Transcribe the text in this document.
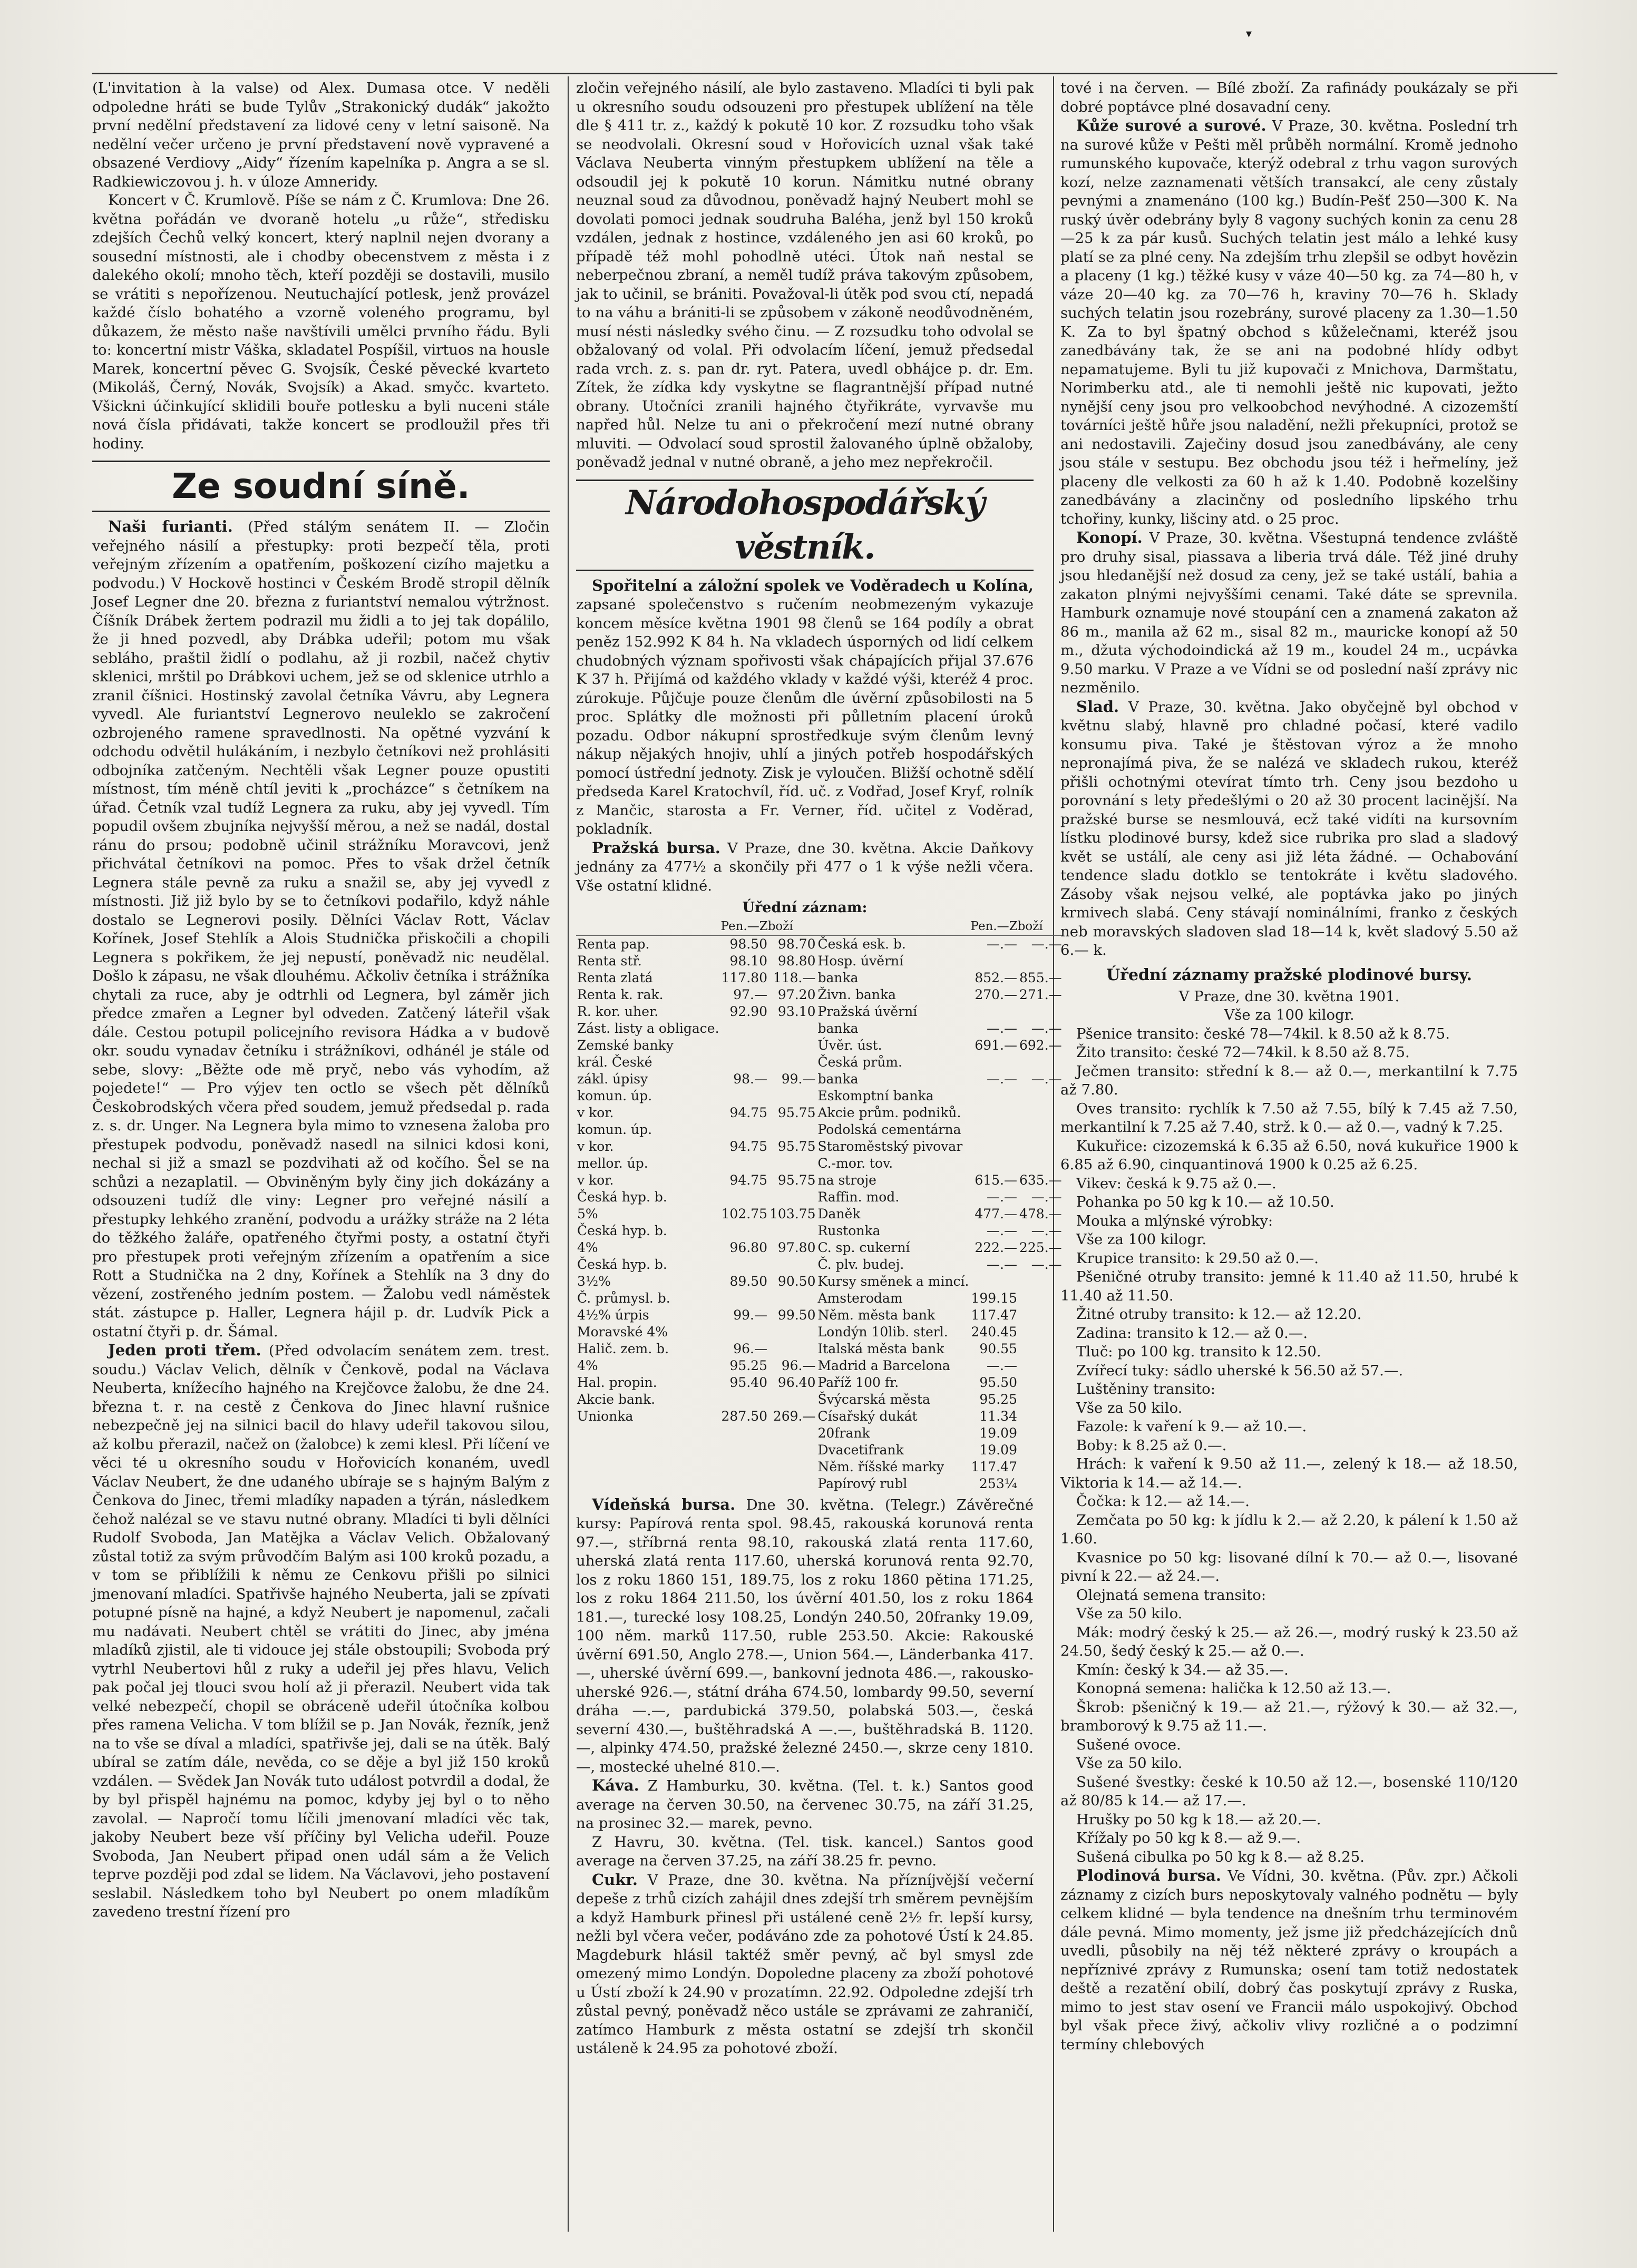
▾

(L'invitation à la valse) od Alex. Dumasa otce. V neděli odpoledne hráti se bude Tylův „Strakonický dudák“ jakožto první nedělní představení za lidové ceny v letní saisoně. Na nedělní večer určeno je první představení nově vypravené a obsazené Verdiovy „Aidy“ řízením kapelníka p. Angra a se sl. Radkiewiczovou j. h. v úloze Amneridy.

Koncert v Č. Krumlově. Píše se nám z Č. Krumlova: Dne 26. května pořádán ve dvoraně hotelu „u růže“, středisku zdejších Čechů velký koncert, který naplnil nejen dvorany a sousední místnosti, ale i chodby obecenstvem z města i z dalekého okolí; mnoho těch, kteří později se dostavili, musilo se vrátiti s nepořízenou. Neutuchající potlesk, jenž provázel každé číslo bohatého a vzorně voleného programu, byl důkazem, že město naše navštívili umělci prvního řádu. Byli to: koncertní mistr Váška, skladatel Pospíšil, virtuos na housle Marek, koncertní pěvec G. Svojsík, České pěvecké kvarteto (Mikoláš, Černý, Novák, Svojsík) a Akad. smyčc. kvarteto. Všickni účinkující sklidili bouře potlesku a byli nuceni stále nová čísla přidávati, takže koncert se prodloužil přes tři hodiny.

Ze soudní síně.

Naši furianti. (Před stálým senátem II. — Zločin veřejného násilí a přestupky: proti bezpečí těla, proti veřejným zřízením a opatřením, poškození cizího majetku a podvodu.) V Hockově hostinci v Českém Brodě stropil dělník Josef Legner dne 20. března z furiantství nemalou výtržnost. Číšník Drábek žertem podrazil mu židli a to jej tak dopálilo, že ji hned pozvedl, aby Drábka udeřil; potom mu však sebláho, praštil židlí o podlahu, až ji rozbil, načež chytiv sklenici, mrštil po Drábkovi uchem, jež se od sklenice utrhlo a zranil číšnici. Hostinský zavolal četníka Vávru, aby Legnera vyvedl. Ale furiantství Legnerovo neuleklo se zakročení ozbrojeného ramene spravedlnosti. Na opětné vyzvání k odchodu odvětil hulákáním, i nezbylo četníkovi než prohlásiti odbojníka zatčeným. Nechtěli však Legner pouze opustiti místnost, tím méně chtíl jeviti k „procházce“ s četníkem na úřad. Četník vzal tudíž Legnera za ruku, aby jej vyvedl. Tím popudil ovšem zbujníka nejvyšší měrou, a než se nadál, dostal ránu do prsou; podobně učinil strážníku Moravcovi, jenž přichvátal četníkovi na pomoc. Přes to však držel četník Legnera stále pevně za ruku a snažil se, aby jej vyvedl z místnosti. Již již bylo by se to četníkovi podařilo, když náhle dostalo se Legnerovi posily. Dělníci Václav Rott, Václav Kořínek, Josef Stehlík a Alois Studnička přiskočili a chopili Legnera s pokřikem, že jej nepustí, poněvadž nic neudělal. Došlo k zápasu, ne však dlouhému. Ačkoliv četníka i strážníka chytali za ruce, aby je odtrhli od Legnera, byl záměr jich předce zmařen a Legner byl odveden. Zatčený láteřil však dále. Cestou potupil policejního revisora Hádka a v budově okr. soudu vynadav četníku i strážníkovi, odhánél je stále od sebe, slovy: „Běžte ode mě pryč, nebo vás vyhodím, až pojedete!“ — Pro výjev ten octlo se všech pět dělníků Českobrodských včera před soudem, jemuž předsedal p. rada z. s. dr. Unger. Na Legnera byla mimo to vznesena žaloba pro přestupek podvodu, poněvadž nasedl na silnici kdosi koni, nechal si již a smazl se pozdvihati až od kočího. Šel se na schůzi a nezaplatil. — Obviněným byly činy jich dokázány a odsouzeni tudíž dle viny: Legner pro veřejné násilí a přestupky lehkého zranění, podvodu a urážky stráže na 2 léta do těžkého žaláře, opatřeného čtyřmi posty, a ostatní čtyři pro přestupek proti veřejným zřízením a opatřením a sice Rott a Studnička na 2 dny, Kořínek a Stehlík na 3 dny do vězení, zostřeného jedním postem. — Žalobu vedl náměstek stát. zástupce p. Haller, Legnera hájil p. dr. Ludvík Pick a ostatní čtyři p. dr. Šámal.

Jeden proti třem. (Před odvolacím senátem zem. trest. soudu.) Václav Velich, dělník v Čenkově, podal na Václava Neuberta, knížecího hajného na Krejčovce žalobu, že dne 24. března t. r. na cestě z Čenkova do Jinec hlavní rušnice nebezpečně jej na silnici bacil do hlavy udeřil takovou silou, až kolbu přerazil, načež on (žalobce) k zemi klesl. Při líčení ve věci té u okresního soudu v Hořovicích konaném, uvedl Václav Neubert, že dne udaného ubíraje se s hajným Balým z Čenkova do Jinec, třemi mladíky napaden a týrán, následkem čehož nalézal se ve stavu nutné obrany. Mladíci ti byli dělníci Rudolf Svoboda, Jan Matějka a Václav Velich. Obžalovaný zůstal totiž za svým průvodčím Balým asi 100 kroků pozadu, a v tom se přiblížili k němu ze Cenkovu přišli po silnici jmenovaní mladíci. Spatřivše hajného Neuberta, jali se zpívati potupné písně na hajné, a když Neubert je napomenul, začali mu nadávati. Neubert chtěl se vrátiti do Jinec, aby jména mladíků zjistil, ale ti vidouce jej stále obstoupili; Svoboda prý vytrhl Neubertovi hůl z ruky a udeřil jej přes hlavu, Velich pak počal jej tlouci svou holí až ji přerazil. Neubert vida tak velké nebezpečí, chopil se obráceně udeřil útočníka kolbou přes ramena Velicha. V tom blížil se p. Jan Novák, řezník, jenž na to vše se díval a mladíci, spatřivše jej, dali se na útěk. Balý ubíral se zatím dále, nevěda, co se děje a byl již 150 kroků vzdálen. — Svědek Jan Novák tuto událost potvrdil a dodal, že by byl přispěl hajnému na pomoc, kdyby jej byl o to něho zavolal. — Napročí tomu líčili jmenovaní mladíci věc tak, jakoby Neubert beze vší příčiny byl Velicha udeřil. Pouze Svoboda, Jan Neubert připad onen udál sám a že Velich teprve později pod zdal se lidem. Na Václavovi, jeho postavení seslabil. Následkem toho byl Neubert po onem mladíkům zavedeno trestní řízení pro

zločin veřejného násilí, ale bylo zastaveno. Mladíci ti byli pak u okresního soudu odsouzeni pro přestupek ublížení na těle dle § 411 tr. z., každý k pokutě 10 kor. Z rozsudku toho však se neodvolali. Okresní soud v Hořovicích uznal však také Václava Neuberta vinným přestupkem ublížení na těle a odsoudil jej k pokutě 10 korun. Námitku nutné obrany neuznal soud za důvodnou, poněvadž hajný Neubert mohl se dovolati pomoci jednak soudruha Baléha, jenž byl 150 kroků vzdálen, jednak z hostince, vzdáleného jen asi 60 kroků, po případě též mohl pohodlně utéci. Útok naň nestal se neberpečnou zbraní, a neměl tudíž práva takovým způsobem, jak to učinil, se brániti. Považoval-li útěk pod svou ctí, nepadá to na váhu a brániti-li se způsobem v zákoně neodůvodněném, musí nésti následky svého činu. — Z rozsudku toho odvolal se obžalovaný od volal. Při odvolacím líčení, jemuž předsedal rada vrch. z. s. pan dr. ryt. Patera, uvedl obhájce p. dr. Em. Zítek, že zídka kdy vyskytne se flagrantnější případ nutné obrany. Utočníci zranili hajného čtyřikráte, vyrvavše mu napřed hůl. Nelze tu ani o překročení mezí nutné obrany mluviti. — Odvolací soud sprostil žalovaného úplně obžaloby, poněvadž jednal v nutné obraně, a jeho mez nepřekročil.

Národohospodářský věstník.

Spořitelní a záložní spolek ve Voděradech u Kolína, zapsané společenstvo s ručením neobmezeným vykazuje koncem měsíce května 1901 98 členů se 164 podíly a obrat peněz 152.992 K 84 h. Na vkladech úsporných od lidí celkem chudobných význam spořivosti však chápajících přijal 37.676 K 37 h. Přijímá od každého vklady v každé výši, kteréž 4 proc. zúrokuje. Půjčuje pouze členům dle úvěrní způsobilosti na 5 proc. Splátky dle možnosti při půlletním placení úroků pozadu. Odbor nákupní sprostředkuje svým členům levný nákup nějakých hnojiv, uhlí a jiných potřeb hospodářských pomocí ústřední jednoty. Zisk je vyloučen. Bližší ochotně sdělí předseda Karel Kratochvíl, říd. uč. z Vodřad, Josef Kryf, rolník z Mančic, starosta a Fr. Verner, říd. učitel z Voděrad, pokladník.

Pražská bursa. V Praze, dne 30. května. Akcie Daňkovy jednány za 477½ a skončily při 477 o 1 k výše nežli včera. Vše ostatní klidné.

Úřední záznam:
	Pen.—Zboží			Pen.—Zboží	
Renta pap.	98.50	98.70	Česká esk. b.	—.—	—.—
Renta stř.	98.10	98.80	Hosp. úvěrní		
Renta zlatá	117.80	118.—	banka	852.—	855.—
Renta k. rak.	97.—	97.20	Živn. banka	270.—	271.—
R. kor. uher.	92.90	93.10	Pražská úvěrní		
Zást. listy a obligace.			banka	—.—	—.—
Zemské banky			Úvěr. úst.	691.—	692.—
král. České			Česká prům.		
zákl. úpisy	98.—	99.—	banka	—.—	—.—
komun. úp.			Eskomptní banka		
v kor.	94.75	95.75	Akcie prům. podniků.		
komun. úp.			Podolská cementárna		
v kor.	94.75	95.75	Staroměstský pivovar		
mellor. úp.			C.-mor. tov.		
v kor.	94.75	95.75	na stroje	615.—	635.—
Česká hyp. b.			Raffin. mod.	—.—	—.—
5%	102.75	103.75	Daněk	477.—	478.—
Česká hyp. b.			Rustonka	—.—	—.—
4%	96.80	97.80	C. sp. cukerní	222.—	225.—
Česká hyp. b.			Č. plv. budej.	—.—	—.—
3½%	89.50	90.50	Kursy směnek a mincí.		
Č. průmysl. b.			Amsterodam	199.15	
4½% úrpis	99.—	99.50	Něm. města bank	117.47	
Moravské 4%			Londýn 10lib. sterl.	240.45	
Halič. zem. b.	96.—		Italská města bank	90.55	
4%	95.25	96.—	Madrid a Barcelona	—.—	
Hal. propin.	95.40	96.40	Paříž 100 fr.	95.50	
Akcie bank.			Švýcarská města	95.25	
Unionka	287.50	269.—	Císařský dukát	11.34	
			20frank	19.09	
			Dvacetifrank	19.09	
			Něm. říšské marky	117.47	
			Papírový rubl	253¼	

Vídeňská bursa. Dne 30. května. (Telegr.) Závěrečné kursy: Papírová renta spol. 98.45, rakouská korunová renta 97.—, stříbrná renta 98.10, rakouská zlatá renta 117.60, uherská zlatá renta 117.60, uherská korunová renta 92.70, los z roku 1860 151, 189.75, los z roku 1860 pětina 171.25, los z roku 1864 211.50, los úvěrní 401.50, los z roku 1864 181.—, turecké losy 108.25, Londýn 240.50, 20franky 19.09, 100 něm. marků 117.50, ruble 253.50. Akcie: Rakouské úvěrní 691.50, Anglo 278.—, Union 564.—, Länderbanka 417.—, uherské úvěrní 699.—, bankovní jednota 486.—, rakousko-uherské 926.—, státní dráha 674.50, lombardy 99.50, severní dráha —.—, pardubická 379.50, polabská 503.—, česká severní 430.—, buštěhradská A —.—, buštěhradská B. 1120.—, alpinky 474.50, pražské železné 2450.—, skrze ceny 1810.—, mostecké uhelné 810.—.

Káva. Z Hamburku, 30. května. (Tel. t. k.) Santos good average na červen 30.50, na červenec 30.75, na září 31.25, na prosinec 32.— marek, pevno.

Z Havru, 30. května. (Tel. tisk. kancel.) Santos good average na červen 37.25, na září 38.25 fr. pevno.

Cukr. V Praze, dne 30. května. Na přízníjvější večerní depeše z trhů cizích zahájil dnes zdejší trh směrem pevnějším a když Hamburk přinesl při ustálené ceně 2½ fr. lepší kursy, nežli byl včera večer, podáváno zde za pohotové Ústí k 24.85. Magdeburk hlásil taktéž směr pevný, ač byl smysl zde omezený mimo Londýn. Dopoledne placeny za zboží pohotové u Ústí zboží k 24.90 v prozatímn. 22.92. Odpoledne zdejší trh zůstal pevný, poněvadž něco ustále se zprávami ze zahraničí, zatímco Hamburk z města ostatní se zdejší trh skončil ustáleně k 24.95 za pohotové zboží.

tové i na červen. — Bílé zboží. Za rafinády poukázaly se při dobré poptávce plné dosavadní ceny.

Kůže surové a surové. V Praze, 30. května. Poslední trh na surové kůže v Pešti měl průběh normální. Kromě jednoho rumunského kupovače, kterýž odebral z trhu vagon surových kozí, nelze zaznamenati větších transakcí, ale ceny zůstaly pevnými a znamenáno (100 kg.) Budín-Pešť 250—300 K. Na ruský úvěr odebrány byly 8 vagony suchých konin za cenu 28—25 k za pár kusů. Suchých telatin jest málo a lehké kusy platí se za plné ceny. Na zdejším trhu zlepšil se odbyt hovězin a placeny (1 kg.) těžké kusy v váze 40—50 kg. za 74—80 h, v váze 20—40 kg. za 70—76 h, kraviny 70—76 h. Sklady suchých telatin jsou rozebrány, surové placeny za 1.30—1.50 K. Za to byl špatný obchod s kůželečnami, kteréž jsou zanedbávány tak, že se ani na podobné hlídy odbyt nepamatujeme. Byli tu již kupovači z Mnichova, Darmštatu, Norimberku atd., ale ti nemohli ještě nic kupovati, ježto nynější ceny jsou pro velkoobchod nevýhodné. A cizozemští továrníci ještě hůře jsou naladění, nežli překupníci, protož se ani nedostavili. Zaječiny dosud jsou zanedbávány, ale ceny jsou stále v sestupu. Bez obchodu jsou též i heřmelíny, jež placeny dle velkosti za 60 h až k 1.40. Podobně kozelšiny zanedbávány a zlacinčny od posledního lipského trhu tchořiny, kunky, lišciny atd. o 25 proc.

Konopí. V Praze, 30. května. Všestupná tendence zvláště pro druhy sisal, piassava a liberia trvá dále. Též jiné druhy jsou hledanější než dosud za ceny, jež se také ustálí, bahia a zakaton plnými nejvyššími cenami. Také dáte se sprevnila. Hamburk oznamuje nové stoupání cen a znamená zakaton až 86 m., manila až 62 m., sisal 82 m., mauricke konopí až 50 m., džuta východoindická až 19 m., koudel 24 m., ucpávka 9.50 marku. V Praze a ve Vídni se od poslední naší zprávy nic nezměnilo.

Slad. V Praze, 30. května. Jako obyčejně byl obchod v květnu slabý, hlavně pro chladné počasí, které vadilo konsumu piva. Také je štěstovan výroz a že mnoho nepronajímá piva, že se nalézá ve skladech rukou, kteréž přišli ochotnými otevírat tímto trh. Ceny jsou bezdoho u porovnání s lety předešlými o 20 až 30 procent lacinější. Na pražské burse se nesmlouvá, ecž také vidíti na kursovním lístku plodinové bursy, kdež sice rubrika pro slad a sladový květ se ustálí, ale ceny asi již léta žádné. — Ochabování tendence sladu dotklo se tentokráte i květu sladového. Zásoby však nejsou velké, ale poptávka jako po jiných krmivech slabá. Ceny stávají nominálními, franko z českých neb moravských sladoven slad 18—14 k, květ sladový 5.50 až 6.— k.

Úřední záznamy pražské plodinové bursy.

V Praze, dne 30. května 1901.

Vše za 100 kilogr.

Pšenice transito: české 78—74kil. k 8.50 až k 8.75.

Žito transito: české 72—74kil. k 8.50 až 8.75.

Ječmen transito: střední k 8.— až 0.—, merkantilní k 7.75 až 7.80.

Oves transito: rychlík k 7.50 až 7.55, bílý k 7.45 až 7.50, merkantilní k 7.25 až 7.40, strž. k 0.— až 0.—, vadný k 7.25.

Kukuřice: cizozemská k 6.35 až 6.50, nová kukuřice 1900 k 6.85 až 6.90, cinquantinová 1900 k 0.25 až 6.25.

Vikev: česká k 9.75 až 0.—.

Pohanka po 50 kg k 10.— až 10.50.

Mouka a mlýnské výrobky:

Vše za 100 kilogr.

Krupice transito: k 29.50 až 0.—.

Pšeničné otruby transito: jemné k 11.40 až 11.50, hrubé k 11.40 až 11.50.

Žitné otruby transito: k 12.— až 12.20.

Zadina: transito k 12.— až 0.—.

Tluč: po 100 kg. transito k 12.50.

Zvířecí tuky: sádlo uherské k 56.50 až 57.—.

Luštěniny transito:

Vše za 50 kilo.

Fazole: k vaření k 9.— až 10.—.

Boby: k 8.25 až 0.—.

Hrách: k vaření k 9.50 až 11.—, zelený k 18.— až 18.50, Viktoria k 14.— až 14.—.

Čočka: k 12.— až 14.—.

Zemčata po 50 kg: k jídlu k 2.— až 2.20, k pálení k 1.50 až 1.60.

Kvasnice po 50 kg: lisované dílní k 70.— až 0.—, lisované pivní k 22.— až 24.—.

Olejnatá semena transito:

Vše za 50 kilo.

Mák: modrý český k 25.— až 26.—, modrý ruský k 23.50 až 24.50, šedý český k 25.— až 0.—.

Kmín: český k 34.— až 35.—.

Konopná semena: halička k 12.50 až 13.—.

Škrob: pšeničný k 19.— až 21.—, rýžový k 30.— až 32.—, bramborový k 9.75 až 11.—.

Sušené ovoce.

Vše za 50 kilo.

Sušené švestky: české k 10.50 až 12.—, bosenské 110/120 až 80/85 k 14.— až 17.—.

Hrušky po 50 kg k 18.— až 20.—.

Křížaly po 50 kg k 8.— až 9.—.

Sušená cibulka po 50 kg k 8.— až 8.25.

Plodinová bursa. Ve Vídni, 30. května. (Pův. zpr.) Ačkoli záznamy z cizích burs neposkytovaly valného podnětu — byly celkem klidné — byla tendence na dnešním trhu terminovém dále pevná. Mimo momenty, jež jsme již předcházejících dnů uvedli, působily na něj též některé zprávy o kroupách a nepříznivé zprávy z Rumunska; osení tam totiž nedostatek deště a rezatění obilí, dobrý čas poskytují zprávy z Ruska, mimo to jest stav osení ve Francii málo uspokojivý. Obchod byl však přece živý, ačkoliv vlivy rozličné a o podzimní termíny chlebových
